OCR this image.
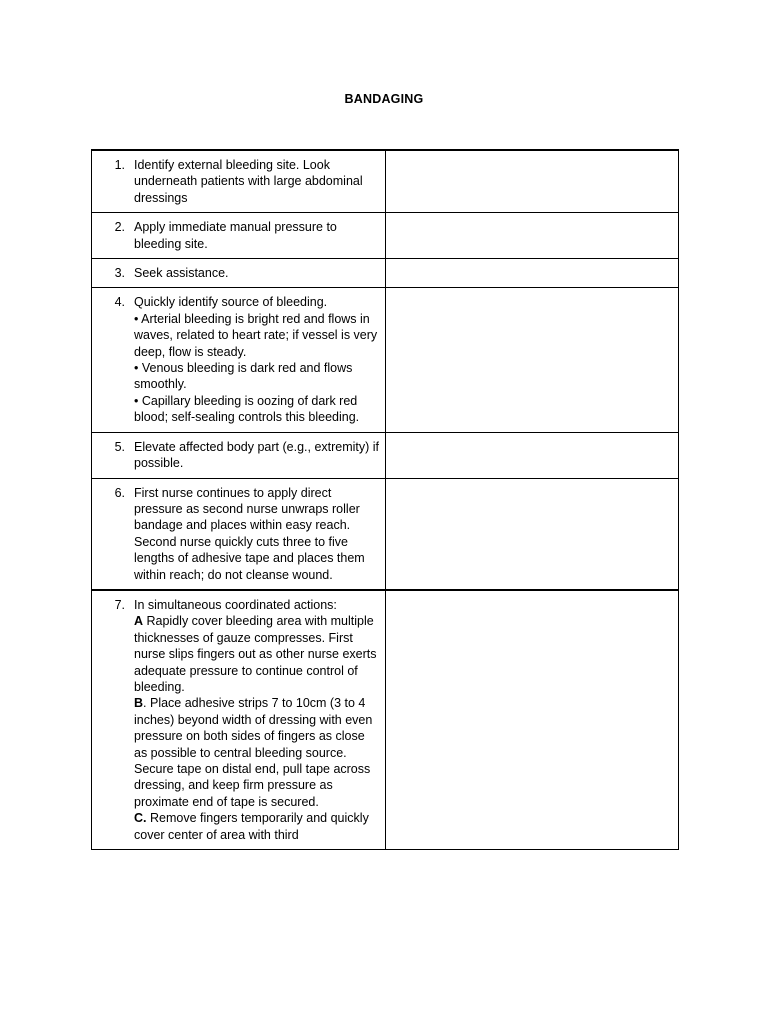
BANDAGING
1. Identify external bleeding site. Look underneath patients with large abdominal dressings	

2. Apply immediate manual pressure to bleeding site.	

3. Seek assistance.	

4. Quickly identify source of bleeding.
• Arterial bleeding is bright red and flows in waves, related to heart rate; if vessel is very deep, flow is steady.
• Venous bleeding is dark red and flows smoothly.
• Capillary bleeding is oozing of dark red blood; self-sealing controls this bleeding.	

5. Elevate affected body part (e.g., extremity) if possible.	

6. First nurse continues to apply direct pressure as second nurse unwraps roller bandage and places within easy reach. Second nurse quickly cuts three to five lengths of adhesive tape and places them within reach; do not cleanse wound.	

7. In simultaneous coordinated actions:
A Rapidly cover bleeding area with multiple thicknesses of gauze compresses. First nurse slips fingers out as other nurse exerts adequate pressure to continue control of bleeding.
B. Place adhesive strips 7 to 10cm (3 to 4 inches) beyond width of dressing with even pressure on both sides of fingers as close as possible to central bleeding source. Secure tape on distal end, pull tape across dressing, and keep firm pressure as proximate end of tape is secured.
C. Remove fingers temporarily and quickly cover center of area with third	
